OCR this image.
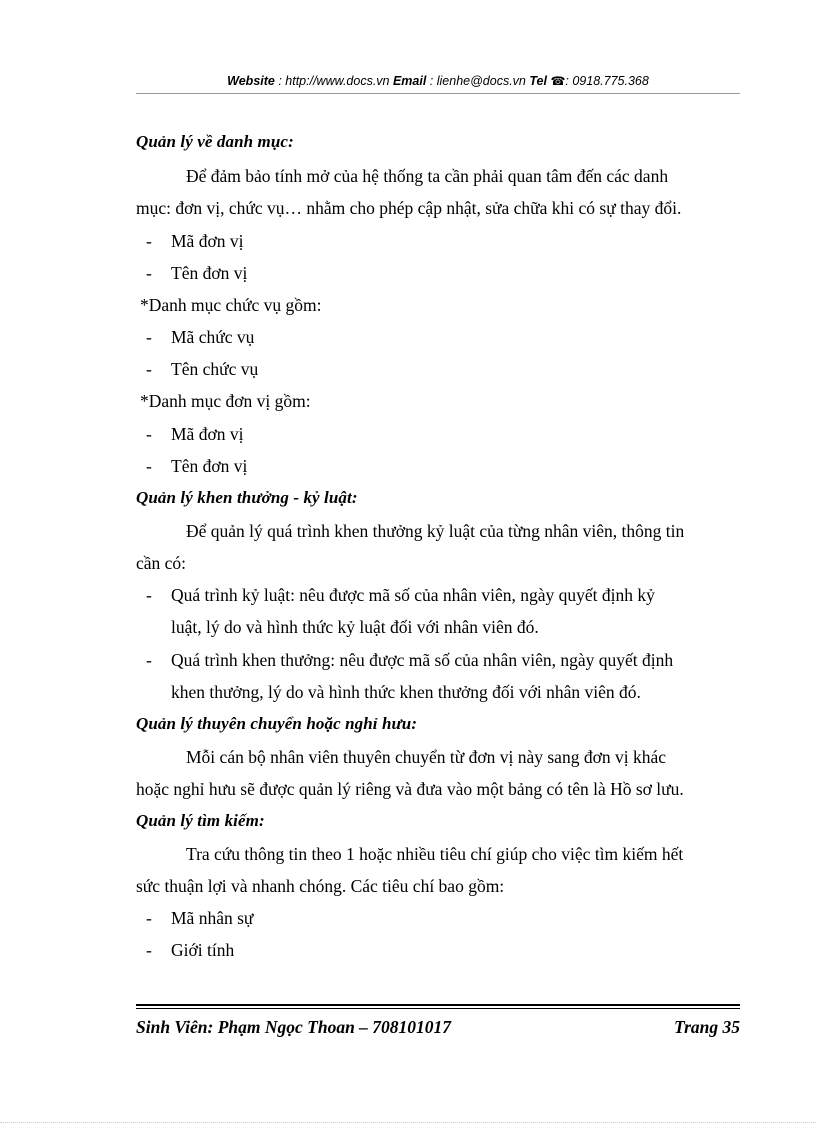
Website : http://www.docs.vn Email : lienhe@docs.vn Tel ☎: 0918.775.368
Quản lý về danh mục:
Để đảm bảo tính mở của hệ thống ta cần phải quan tâm đến các danh
mục: đơn vị, chức vụ… nhằm cho phép cập nhật, sửa chữa khi có sự thay đổi.
- Mã đơn vị
- Tên đơn vị
*Danh mục chức vụ gồm:
- Mã chức vụ
- Tên chức vụ
*Danh mục đơn vị gồm:
- Mã đơn vị
- Tên đơn vị
Quản lý khen thưởng - kỷ luật:
Để quản lý quá trình khen thưởng kỷ luật của từng nhân viên, thông tin
cần có:
- Quá trình kỷ luật: nêu được mã số của nhân viên, ngày quyết định kỷ
luật, lý do và hình thức kỷ luật đối với nhân viên đó.
- Quá trình khen thưởng: nêu được mã số của nhân viên, ngày quyết định
khen thưởng, lý do và hình thức khen thưởng đối với nhân viên đó.
Quản lý thuyên chuyển hoặc nghỉ hưu:
Mỗi cán bộ nhân viên thuyên chuyển từ đơn vị này sang đơn vị khác
hoặc nghỉ hưu sẽ được quản lý riêng và đưa vào một bảng có tên là Hồ sơ lưu.
Quản lý tìm kiếm:
Tra cứu thông tin theo 1 hoặc nhiều tiêu chí giúp cho việc tìm kiếm hết
sức thuận lợi và nhanh chóng. Các tiêu chí bao gồm:
- Mã nhân sự
- Giới tính
Sinh Viên: Phạm Ngọc Thoan – 708101017	Trang 35
